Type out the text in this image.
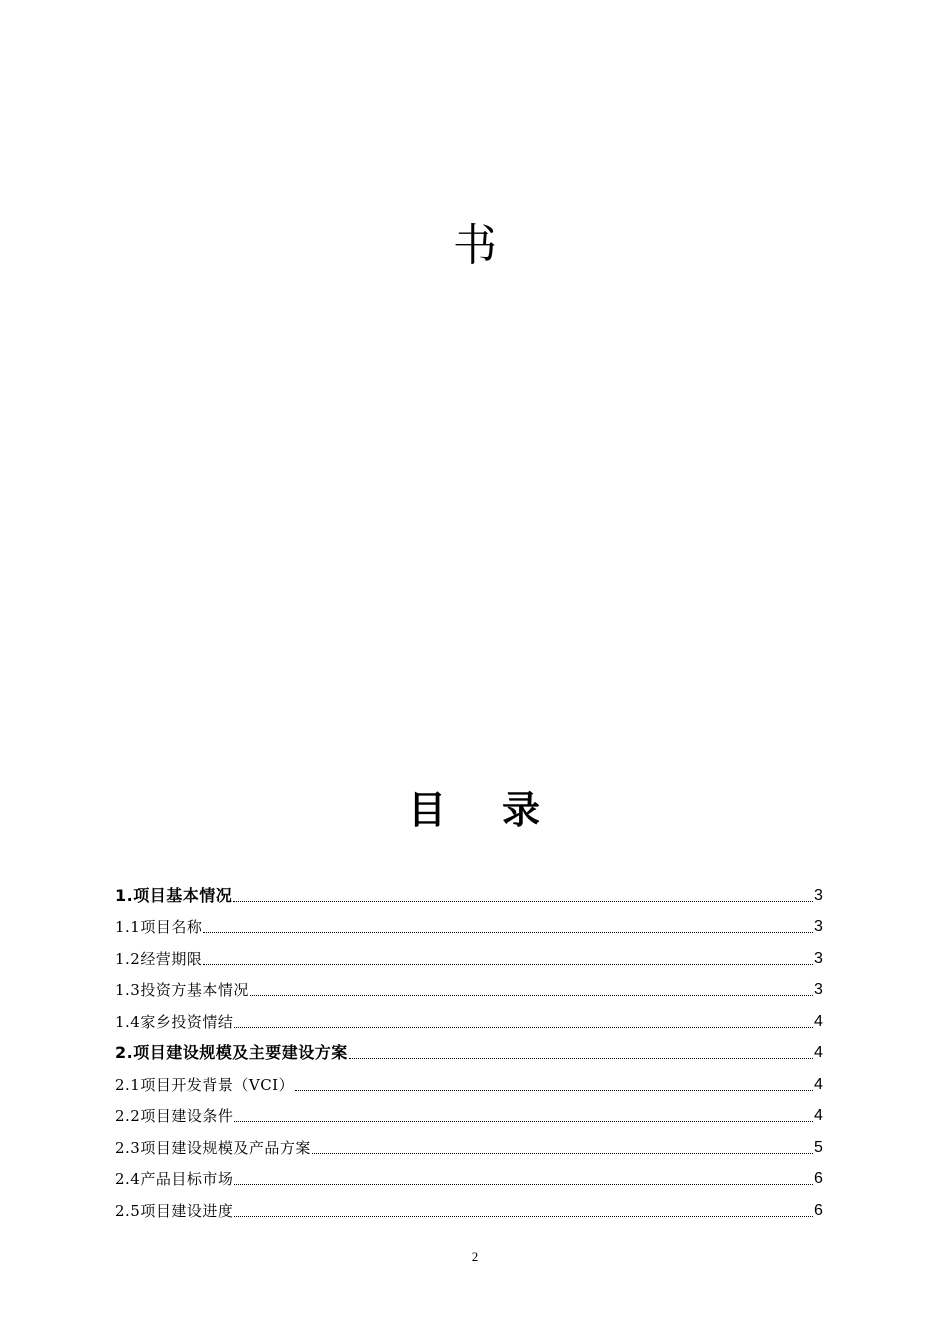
书
目 录
1.项目基本情况	3
1.1项目名称	3
1.2经营期限	3
1.3投资方基本情况	3
1.4家乡投资情结	4
2.项目建设规模及主要建设方案	4
2.1项目开发背景（VCI）	4
2.2项目建设条件	4
2.3项目建设规模及产品方案	5
2.4产品目标市场	6
2.5项目建设进度	6
2
